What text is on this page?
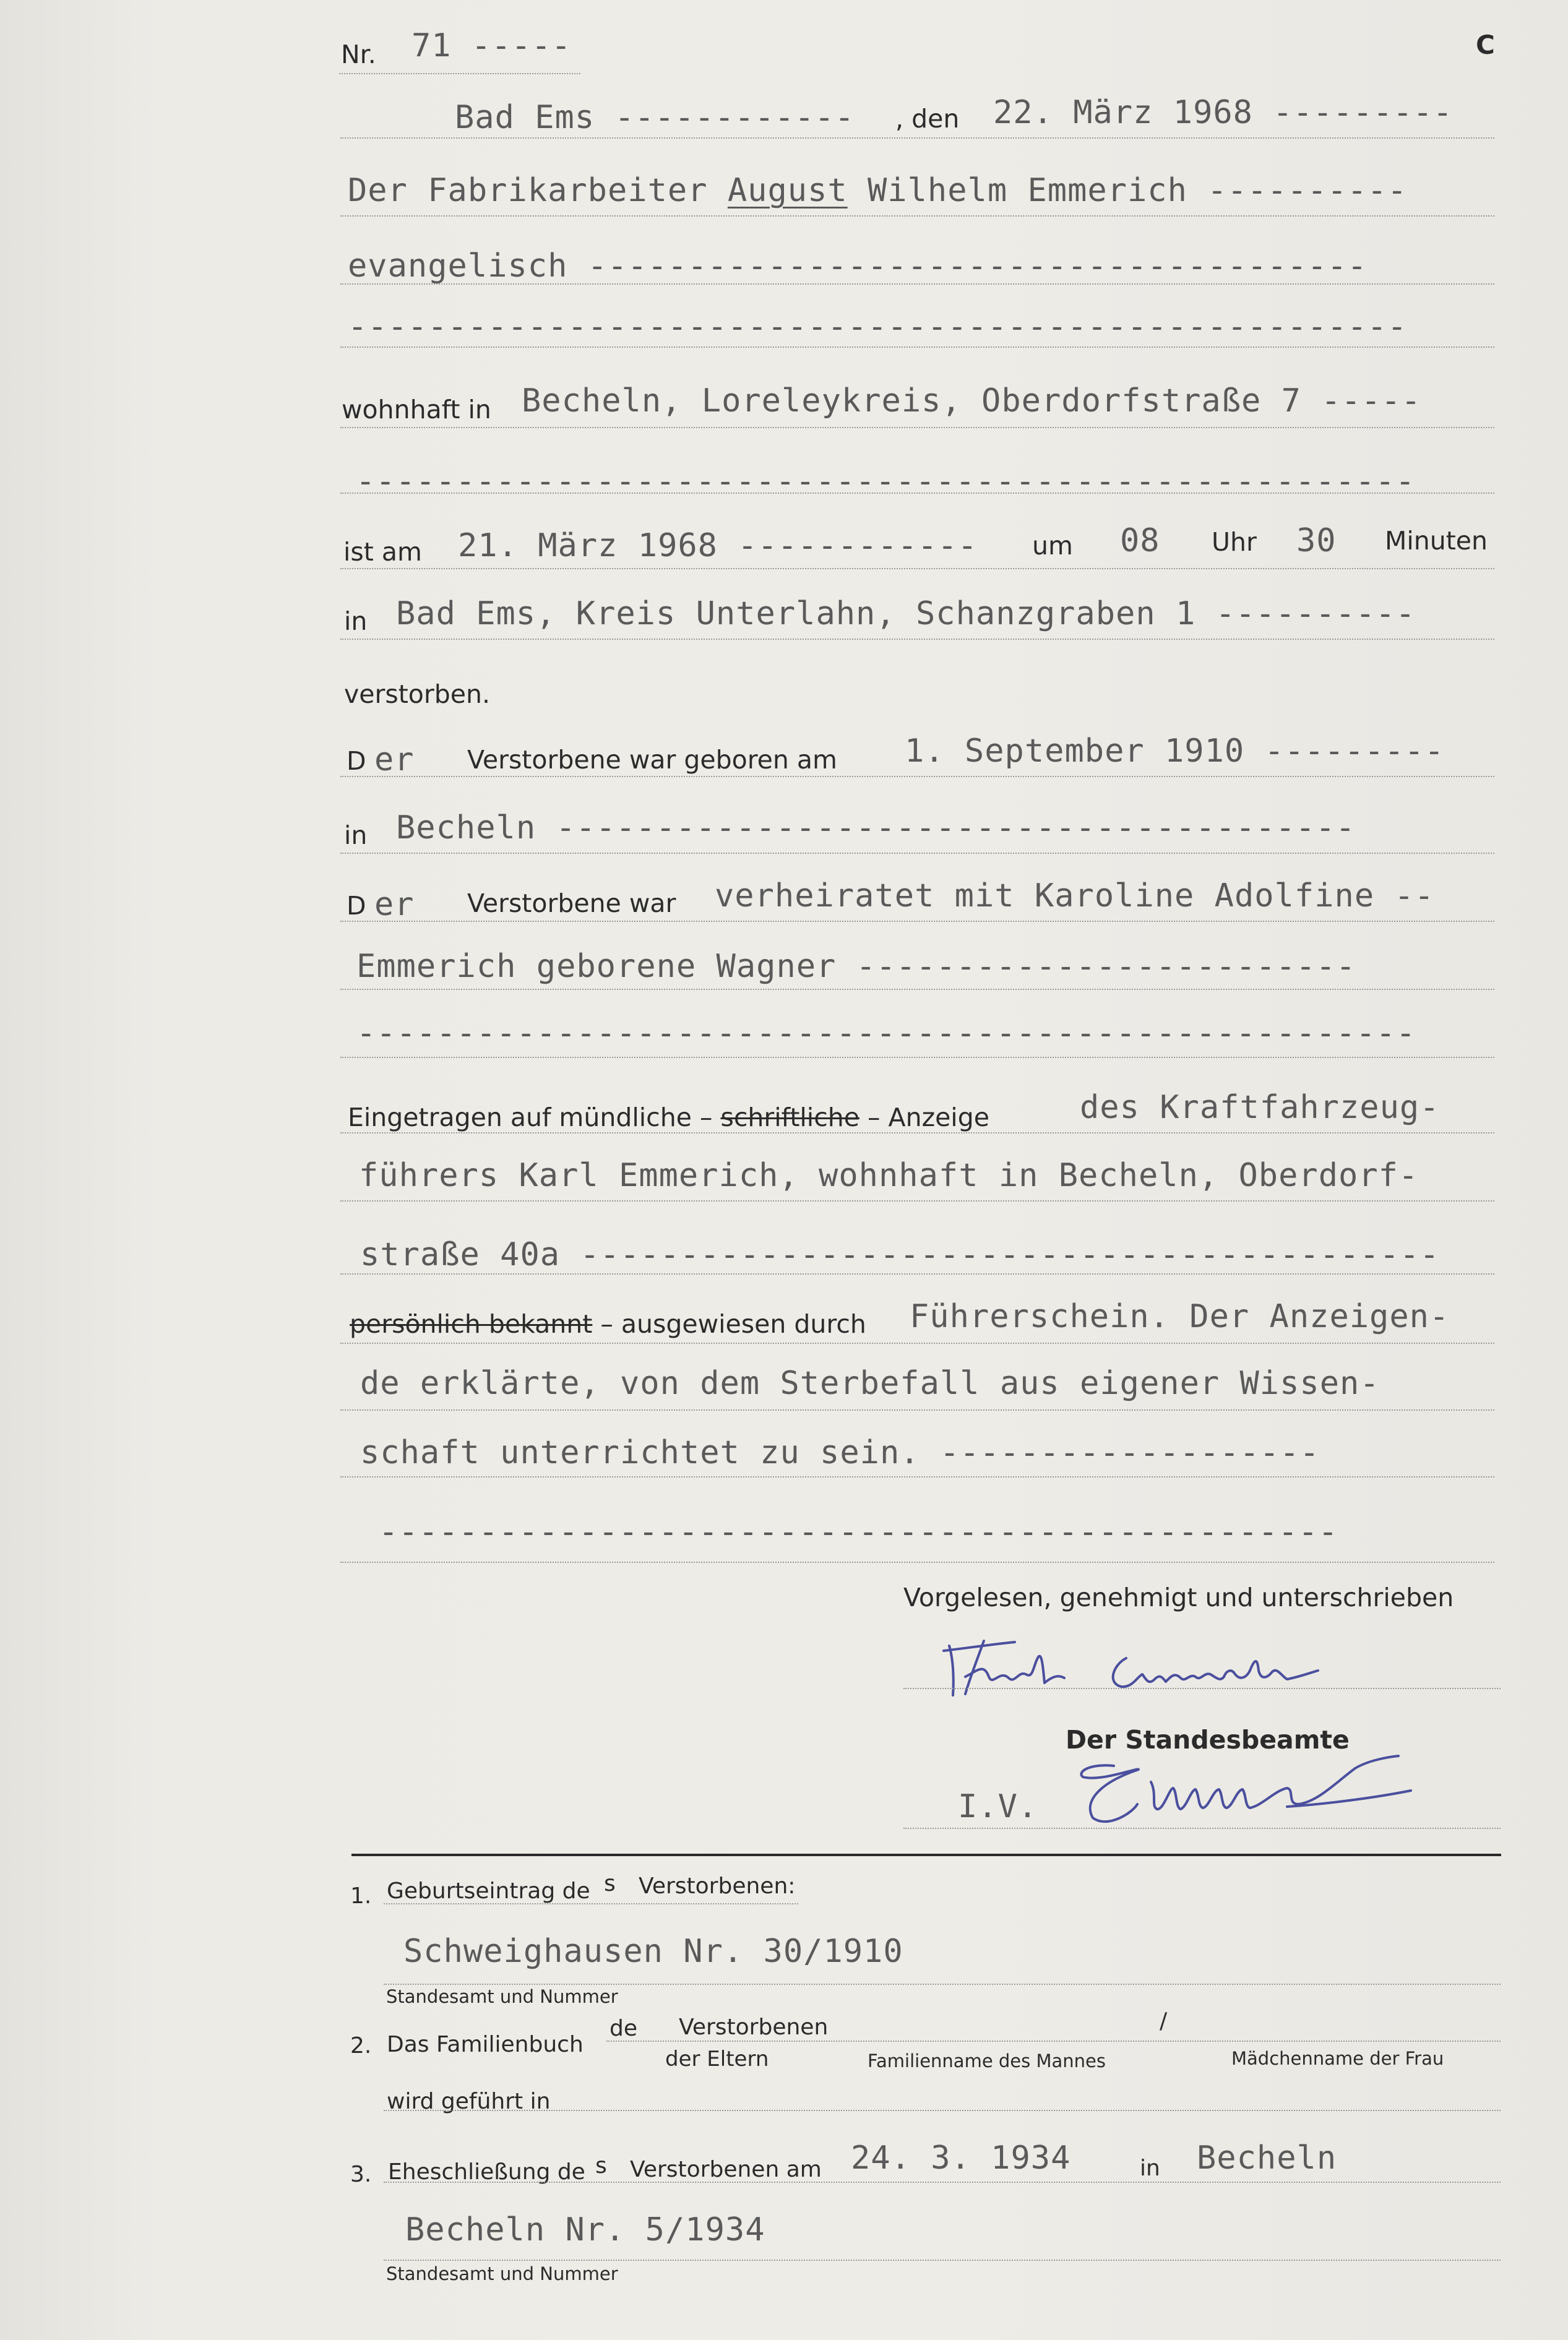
C
Nr. 71 -----
Bad Ems ------------ , den 22. März 1968 ---------
Der Fabrikarbeiter August Wilhelm Emmerich ----------
evangelisch ---------------------------------------
-----------------------------------------------------
wohnhaft in Becheln, Loreleykreis, Oberdorfstraße 7 -----
-----------------------------------------------------
ist am 21. März 1968 ------------ um 08 Uhr 30 Minuten
in Bad Ems, Kreis Unterlahn, Schanzgraben 1 ----------
verstorben.
D er Verstorbene war geboren am 1. September 1910 ---------
in Becheln ----------------------------------------
D er Verstorbene war verheiratet mit Karoline Adolfine --
Emmerich geborene Wagner -------------------------
-----------------------------------------------------
Eingetragen auf mündliche – schriftliche – Anzeige	des Kraftfahrzeug-
führers Karl Emmerich, wohnhaft in Becheln, Oberdorf-
straße 40a -------------------------------------------
persönlich bekannt – ausgewiesen durch Führerschein. Der Anzeigen-
de erklärte, von dem Sterbefall aus eigener Wissen-
schaft unterrichtet zu sein. -------------------
------------------------------------------------
Vorgelesen, genehmigt und unterschrieben
Der Standesbeamte
I.V.
1. Geburtseintrag de s Verstorbenen:
Schweighausen Nr. 30/1910
Standesamt und Nummer
2. Das Familienbuch
de Verstorbenen	/
der Eltern	Familienname des Mannes	Mädchenname der Frau
wird geführt in
3. Eheschließung de s Verstorbenen am 24. 3. 1934	in Becheln
Becheln Nr. 5/1934
Standesamt und Nummer
